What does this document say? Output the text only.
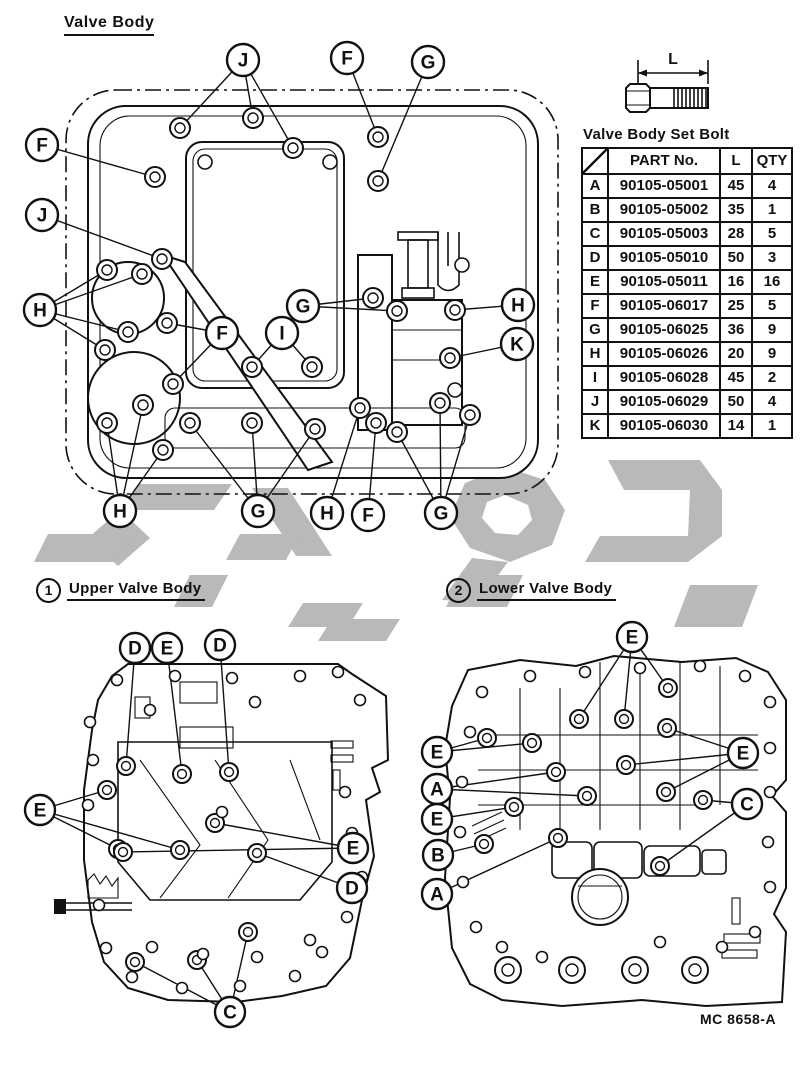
J	F	G
F
J
H	G
F	I
H
K
H	G	H F	G
L
D E D
E
E
D
C
E
E
A
E
B
A
E
C
Valve Body
Valve Body Set Bolt
	PART No.	L	QTY
A	90105-05001	45	4
B	90105-05002	35	1
C	90105-05003	28	5
D	90105-05010	50	3
E	90105-05011	16	16
F	90105-06017	25	5
G	90105-06025	36	9
H	90105-06026	20	9
I	90105-06028	45	2
J	90105-06029	50	4
K	90105-06030	14	1
1	Upper Valve Body	2	Lower Valve Body
MC 8658-A
